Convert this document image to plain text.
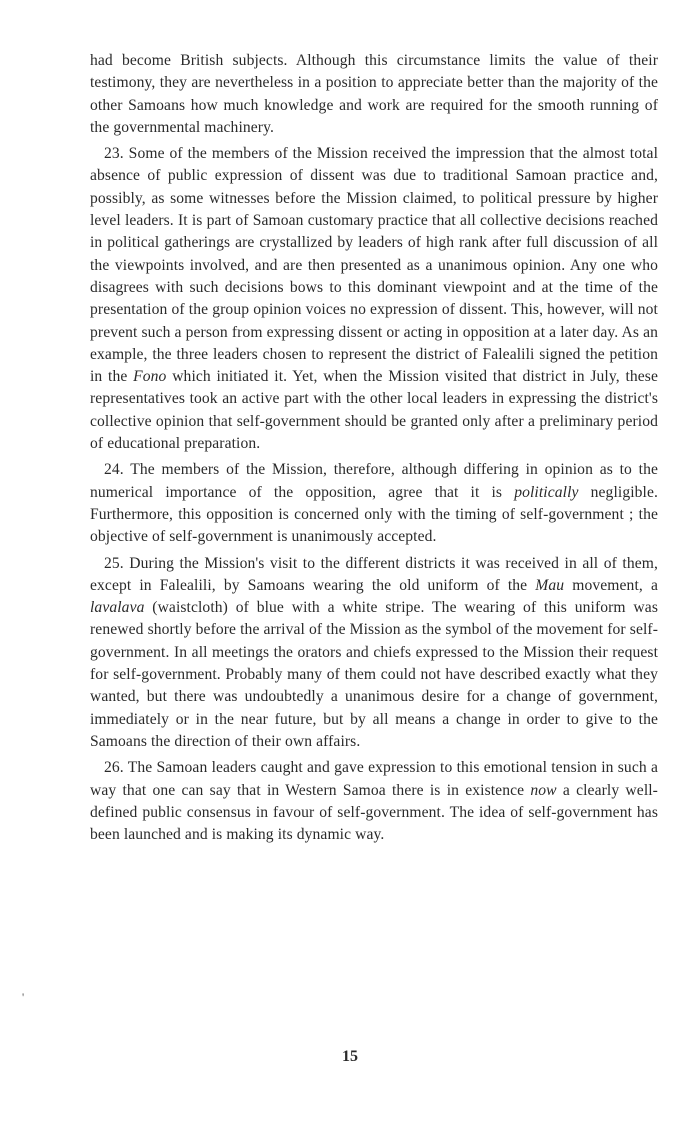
had become British subjects. Although this circumstance limits the value of their testimony, they are nevertheless in a position to appreciate better than the majority of the other Samoans how much knowledge and work are required for the smooth running of the governmental machinery.

23. Some of the members of the Mission received the impression that the almost total absence of public expression of dissent was due to traditional Samoan practice and, possibly, as some witnesses before the Mission claimed, to political pressure by higher level leaders. It is part of Samoan customary practice that all collective decisions reached in political gatherings are crystallized by leaders of high rank after full discussion of all the viewpoints involved, and are then presented as a unanimous opinion. Any one who disagrees with such decisions bows to this dominant viewpoint and at the time of the presentation of the group opinion voices no expression of dissent. This, however, will not prevent such a person from expressing dissent or acting in opposition at a later day. As an example, the three leaders chosen to represent the district of Falealili signed the petition in the Fono which initiated it. Yet, when the Mission visited that district in July, these representatives took an active part with the other local leaders in expressing the district's collective opinion that self-government should be granted only after a preliminary period of educational preparation.

24. The members of the Mission, therefore, although differing in opinion as to the numerical importance of the opposition, agree that it is politically negligible. Furthermore, this opposition is concerned only with the timing of self-government ; the objective of self-government is unanimously accepted.

25. During the Mission's visit to the different districts it was received in all of them, except in Falealili, by Samoans wearing the old uniform of the Mau movement, a lavalava (waistcloth) of blue with a white stripe. The wearing of this uniform was renewed shortly before the arrival of the Mission as the symbol of the movement for self-government. In all meetings the orators and chiefs expressed to the Mission their request for self-government. Probably many of them could not have described exactly what they wanted, but there was undoubtedly a unanimous desire for a change of government, immediately or in the near future, but by all means a change in order to give to the Samoans the direction of their own affairs.

26. The Samoan leaders caught and gave expression to this emotional tension in such a way that one can say that in Western Samoa there is in existence now a clearly well-defined public consensus in favour of self-government. The idea of self-government has been launched and is making its dynamic way.

'
15
